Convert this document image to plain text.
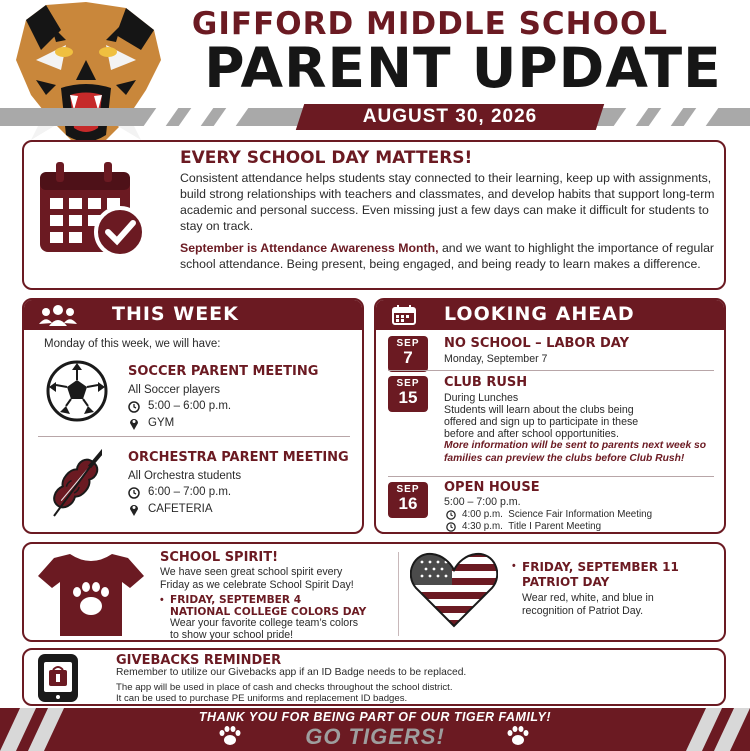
GIFFORD MIDDLE SCHOOL
PARENT UPDATE
AUGUST 30, 2026
EVERY SCHOOL DAY MATTERS!
Consistent attendance helps students stay connected to their learning, keep up with assignments, build strong relationships with teachers and classmates, and develop habits that support long-term academic and personal success. Even missing just a few days can make it difficult for students to stay on track.
September is Attendance Awareness Month, and we want to highlight the importance of regular school attendance. Being present, being engaged, and being ready to learn makes a difference.
THIS WEEK
Monday of this week, we will have:
SOCCER PARENT MEETING
All Soccer players
5:00 – 6:00 p.m.
GYM
ORCHESTRA PARENT MEETING
All Orchestra students
6:00 – 7:00 p.m.
CAFETERIA
LOOKING AHEAD
SEP
7
NO SCHOOL – LABOR DAY
Monday, September 7
SEP
15
CLUB RUSH
During Lunches
Students will learn about the clubs being
offered and sign up to participate in these
before and after school opportunities.
More information will be sent to parents next week so families can preview the clubs before Club Rush!
SEP
16
OPEN HOUSE
5:00 – 7:00 p.m.
4:00 p.m. Science Fair Information Meeting
4:30 p.m. Title I Parent Meeting
SCHOOL SPIRIT!
We have seen great school spirit every
Friday as we celebrate School Spirit Day!
• FRIDAY, SEPTEMBER 4
NATIONAL COLLEGE COLORS DAY
Wear your favorite college team’s colors
to show your school pride!
• FRIDAY, SEPTEMBER 11
PATRIOT DAY
Wear red, white, and blue in
recognition of Patriot Day.
GIVEBACKS REMINDER
Remember to utilize our Givebacks app if an ID Badge needs to be replaced.
The app will be used in place of cash and checks throughout the school district.
It can be used to purchase PE uniforms and replacement ID badges.
THANK YOU FOR BEING PART OF OUR TIGER FAMILY!
GO TIGERS!
